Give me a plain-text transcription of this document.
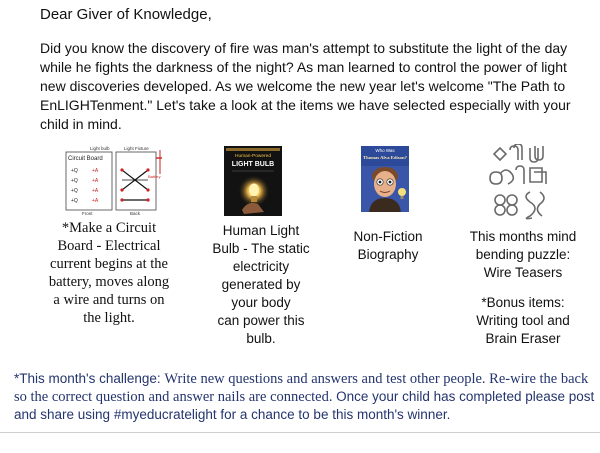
Dear Giver of Knowledge,
Did you know the discovery of fire was man's attempt to substitute the light of the day while he fights the darkness of the night? As man learned to control the power of light new discoveries developed. As we welcome the new year let's welcome "The Path to EnLIGHTenment." Let's take a look at the items we have selected especially with your child in mind.
Light bulb	Light Fixture
Circuit Board
+Q
+Q
+Q
+Q
+A
+A
+A
+A
Battery
Front	Back
Human-Powered
LIGHT BULB
Who Was
Thomas Alva Edison?
*Make a Circuit
Board - Electrical
current begins at the
battery, moves along
a wire and turns on
the light.
Human Light
Bulb - The static
electricity
generated by
your body
can power this
bulb.
Non-Fiction
Biography
This months mind
bending puzzle:
Wire Teasers
*Bonus items:
Writing tool and
Brain Eraser
*This month's challenge: Write new questions and answers and test other people. Re-wire the back so the correct question and answer nails are connected. Once your child has completed please post and share using #myeducratelight for a chance to be this month's winner.
